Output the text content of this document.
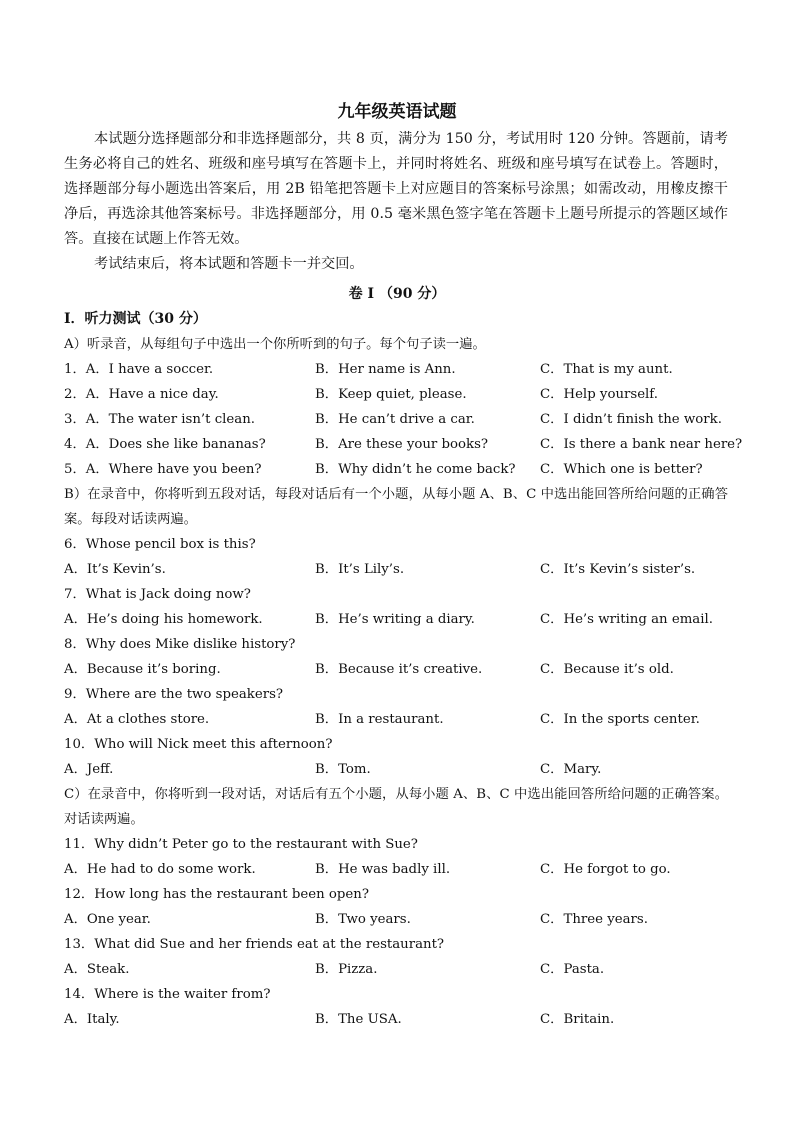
九年级英语试题

本试题分选择题部分和非选择题部分，共 8 页，满分为 150 分，考试用时 120 分钟。答题前，请考生务必将自己的姓名、班级和座号填写在答题卡上，并同时将姓名、班级和座号填写在试卷上。答题时，选择题部分每小题选出答案后，用 2B 铅笔把答题卡上对应题目的答案标号涂黑；如需改动，用橡皮擦干净后，再选涂其他答案标号。非选择题部分，用 0.5 毫米黑色签字笔在答题卡上题号所提示的答题区域作答。直接在试题上作答无效。

考试结束后，将本试题和答题卡一并交回。

卷 I （90 分）
Ⅰ．听力测试（30 分）
A）听录音，从每组句子中选出一个你所听到的句子。每个句子读一遍。
1．A．I have a soccer.	B．Her name is Ann.	C．That is my aunt.
2．A．Have a nice day.	B．Keep quiet, please.	C．Help yourself.
3．A．The water isn’t clean.	B．He can’t drive a car.	C．I didn’t finish the work.
4．A．Does she like bananas?	B．Are these your books?	C．Is there a bank near here?
5．A．Where have you been?	B．Why didn’t he come back? C．Which one is better?
B）在录音中，你将听到五段对话，每段对话后有一个小题，从每小题 A、B、C 中选出能回答所给问题的正确答案。每段对话读两遍。
6．Whose pencil box is this?
A．It’s Kevin’s.	B．It’s Lily’s.	C．It’s Kevin’s sister’s.
7．What is Jack doing now?
A．He’s doing his homework.	B．He’s writing a diary.	C．He’s writing an email.
8．Why does Mike dislike history?
A．Because it’s boring.	B．Because it’s creative.	C．Because it’s old.
9．Where are the two speakers?
A．At a clothes store.	B．In a restaurant.	C．In the sports center.
10．Who will Nick meet this afternoon?
A．Jeff.	B．Tom.	C．Mary.
C）在录音中，你将听到一段对话，对话后有五个小题，从每小题 A、B、C 中选出能回答所给问题的正确答案。对话读两遍。
11．Why didn’t Peter go to the restaurant with Sue?
A．He had to do some work.	B．He was badly ill.	C．He forgot to go.
12．How long has the restaurant been open?
A．One year.	B．Two years.	C．Three years.
13．What did Sue and her friends eat at the restaurant?
A．Steak.	B．Pizza.	C．Pasta.
14．Where is the waiter from?
A．Italy.	B．The USA.	C．Britain.
